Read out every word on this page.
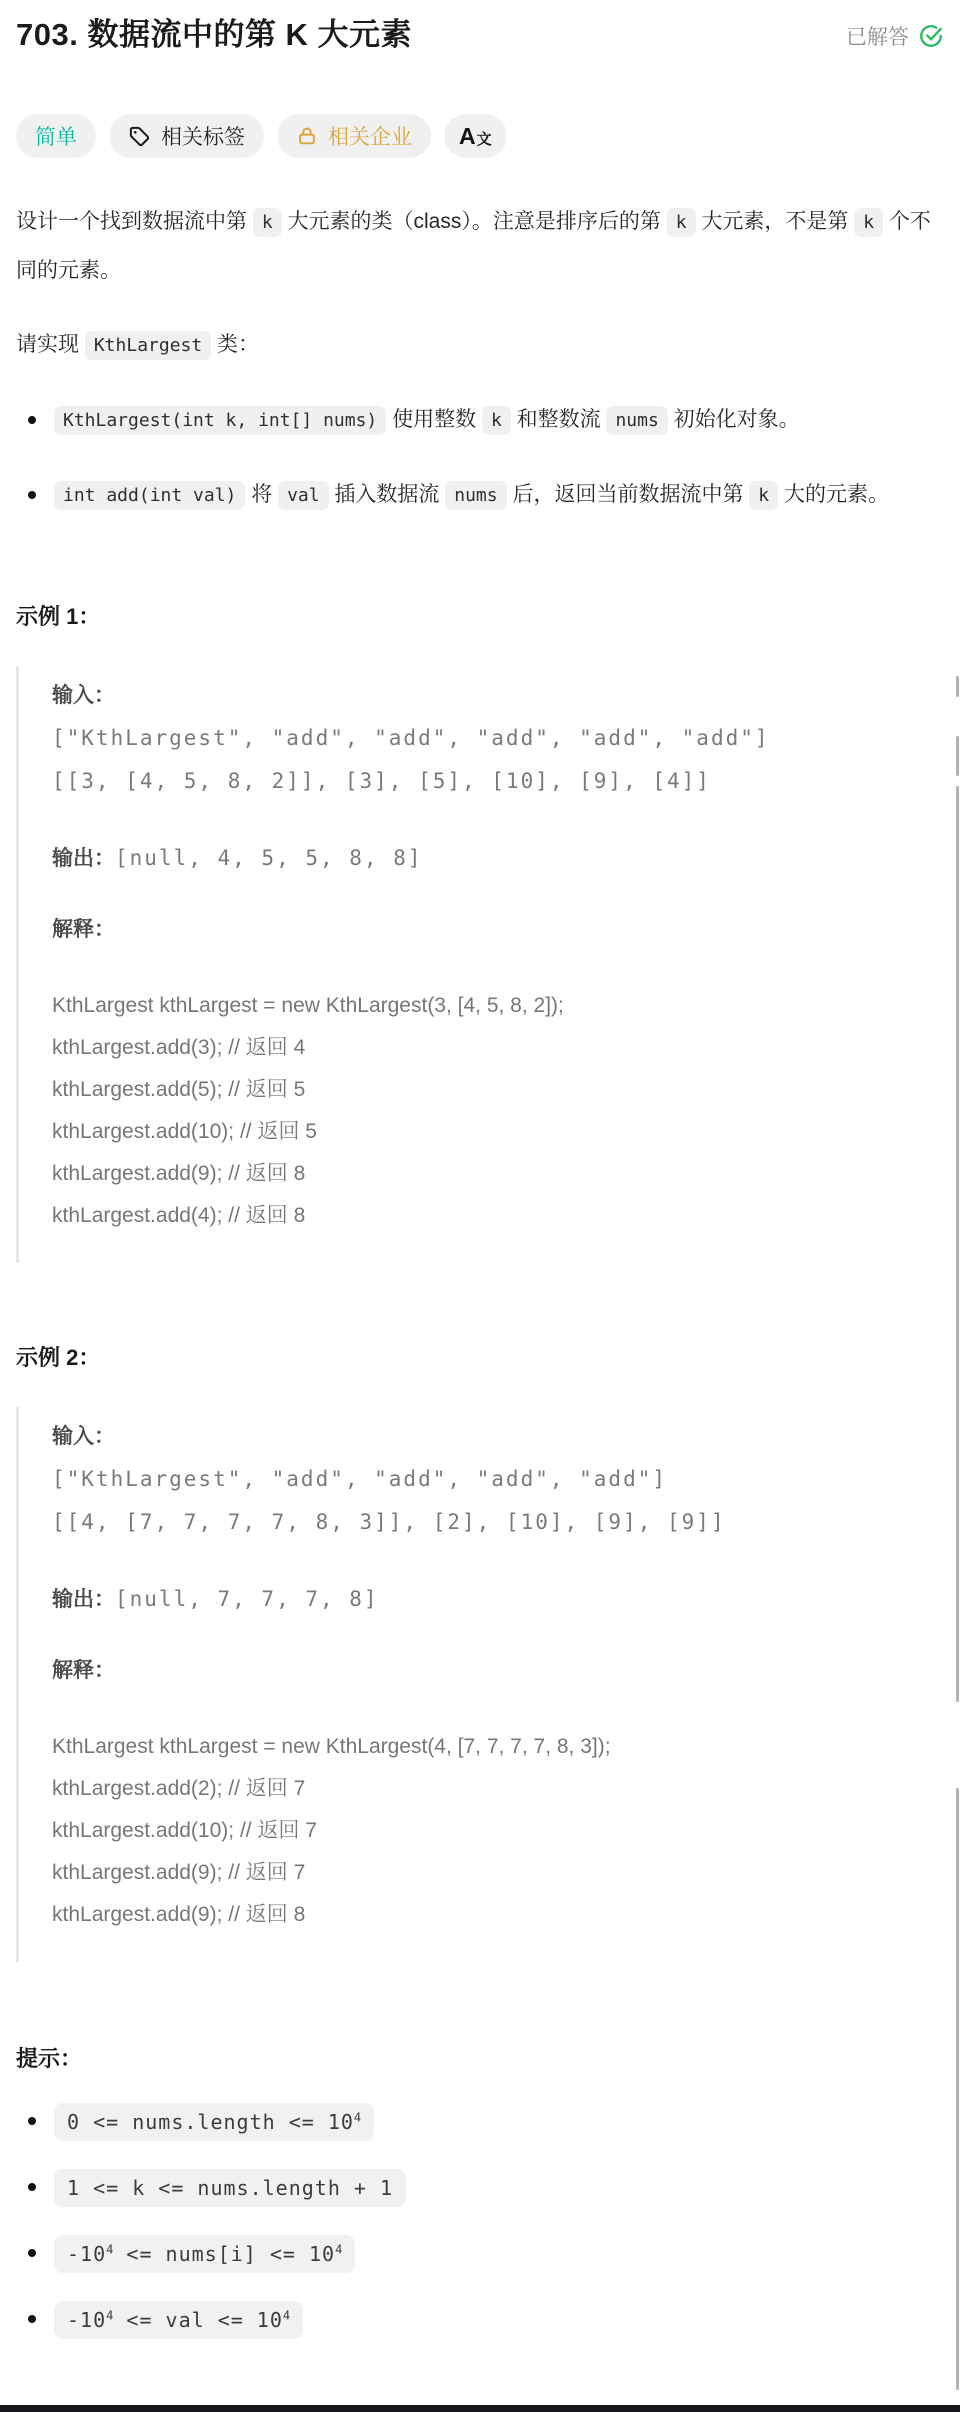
703. 数据流中的第 K 大元素	已解答
简单	相关标签	相关企业 A文

设计一个找到数据流中第 k 大元素的类（class）。注意是排序后的第 k 大元素，不是第 k 个不同的元素。

请实现 KthLargest 类：

KthLargest(int k, int[] nums) 使用整数 k 和整数流 nums 初始化对象。
int add(int val) 将 val 插入数据流 nums 后，返回当前数据流中第 k 大的元素。
示例 1：
输入：
["KthLargest", "add", "add", "add", "add", "add"]
[[3, [4, 5, 8, 2]], [3], [5], [10], [9], [4]]
输出：[null, 4, 5, 5, 8, 8]
解释：
KthLargest kthLargest = new KthLargest(3, [4, 5, 8, 2]);
kthLargest.add(3); // 返回 4
kthLargest.add(5); // 返回 5
kthLargest.add(10); // 返回 5
kthLargest.add(9); // 返回 8
kthLargest.add(4); // 返回 8
示例 2：
输入：
["KthLargest", "add", "add", "add", "add"]
[[4, [7, 7, 7, 7, 8, 3]], [2], [10], [9], [9]]
输出：[null, 7, 7, 7, 8]
解释：
KthLargest kthLargest = new KthLargest(4, [7, 7, 7, 7, 8, 3]);
kthLargest.add(2); // 返回 7
kthLargest.add(10); // 返回 7
kthLargest.add(9); // 返回 7
kthLargest.add(9); // 返回 8
提示：
0 <= nums.length <= $10^4$
1 <= k <= nums.length + 1
$-10^4$ <= nums[i] <= $10^4$
$-10^4$ <= val <= $10^4$
